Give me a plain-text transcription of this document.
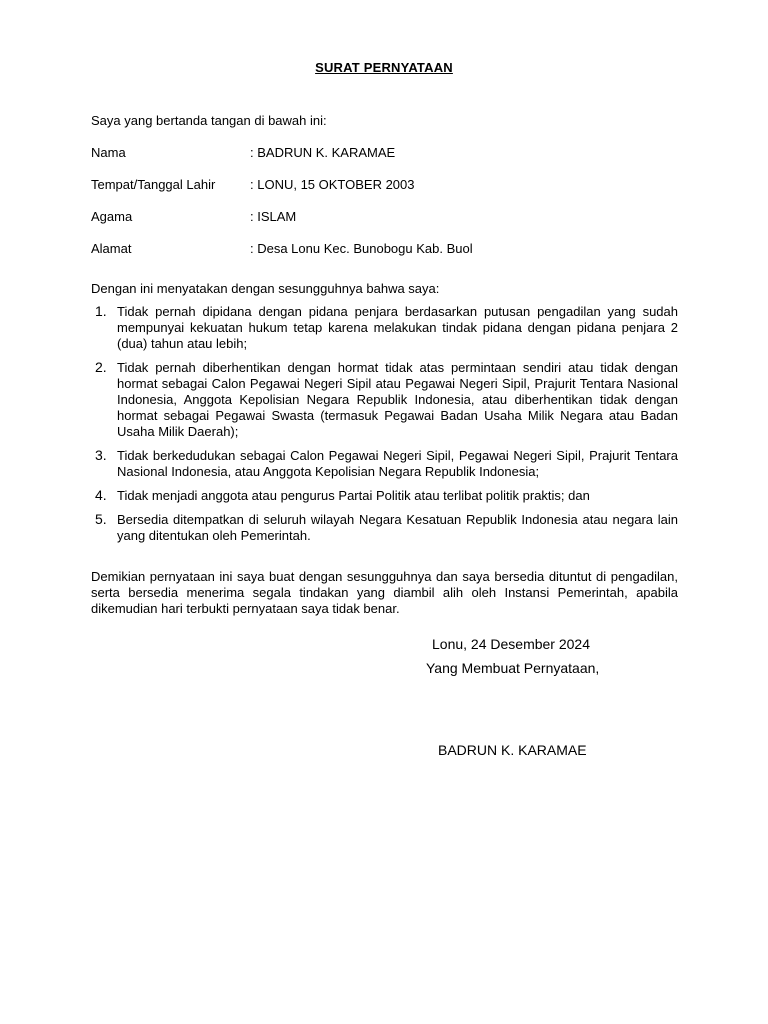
SURAT PERNYATAAN
Saya yang bertanda tangan di bawah ini:
Nama	: BADRUN K. KARAMAE
Tempat/Tanggal Lahir	: LONU, 15 OKTOBER 2003
Agama	: ISLAM
Alamat	: Desa Lonu Kec. Bunobogu Kab. Buol
Dengan ini menyatakan dengan sesungguhnya bahwa saya:
1. Tidak pernah dipidana dengan pidana penjara berdasarkan putusan pengadilan yang sudah mempunyai kekuatan hukum tetap karena melakukan tindak pidana dengan pidana penjara 2 (dua) tahun atau lebih;
2. Tidak pernah diberhentikan dengan hormat tidak atas permintaan sendiri atau tidak dengan hormat sebagai Calon Pegawai Negeri Sipil atau Pegawai Negeri Sipil, Prajurit Tentara Nasional Indonesia, Anggota Kepolisian Negara Republik Indonesia, atau diberhentikan tidak dengan hormat sebagai Pegawai Swasta (termasuk Pegawai Badan Usaha Milik Negara atau Badan Usaha Milik Daerah);
3. Tidak berkedudukan sebagai Calon Pegawai Negeri Sipil, Pegawai Negeri Sipil, Prajurit Tentara Nasional Indonesia, atau Anggota Kepolisian Negara Republik Indonesia;
4. Tidak menjadi anggota atau pengurus Partai Politik atau terlibat politik praktis; dan
5. Bersedia ditempatkan di seluruh wilayah Negara Kesatuan Republik Indonesia atau negara lain yang ditentukan oleh Pemerintah.
Demikian pernyataan ini saya buat dengan sesungguhnya dan saya bersedia dituntut di pengadilan, serta bersedia menerima segala tindakan yang diambil alih oleh Instansi Pemerintah, apabila dikemudian hari terbukti pernyataan saya tidak benar.
Lonu, 24 Desember 2024
Yang Membuat Pernyataan,
BADRUN K. KARAMAE
